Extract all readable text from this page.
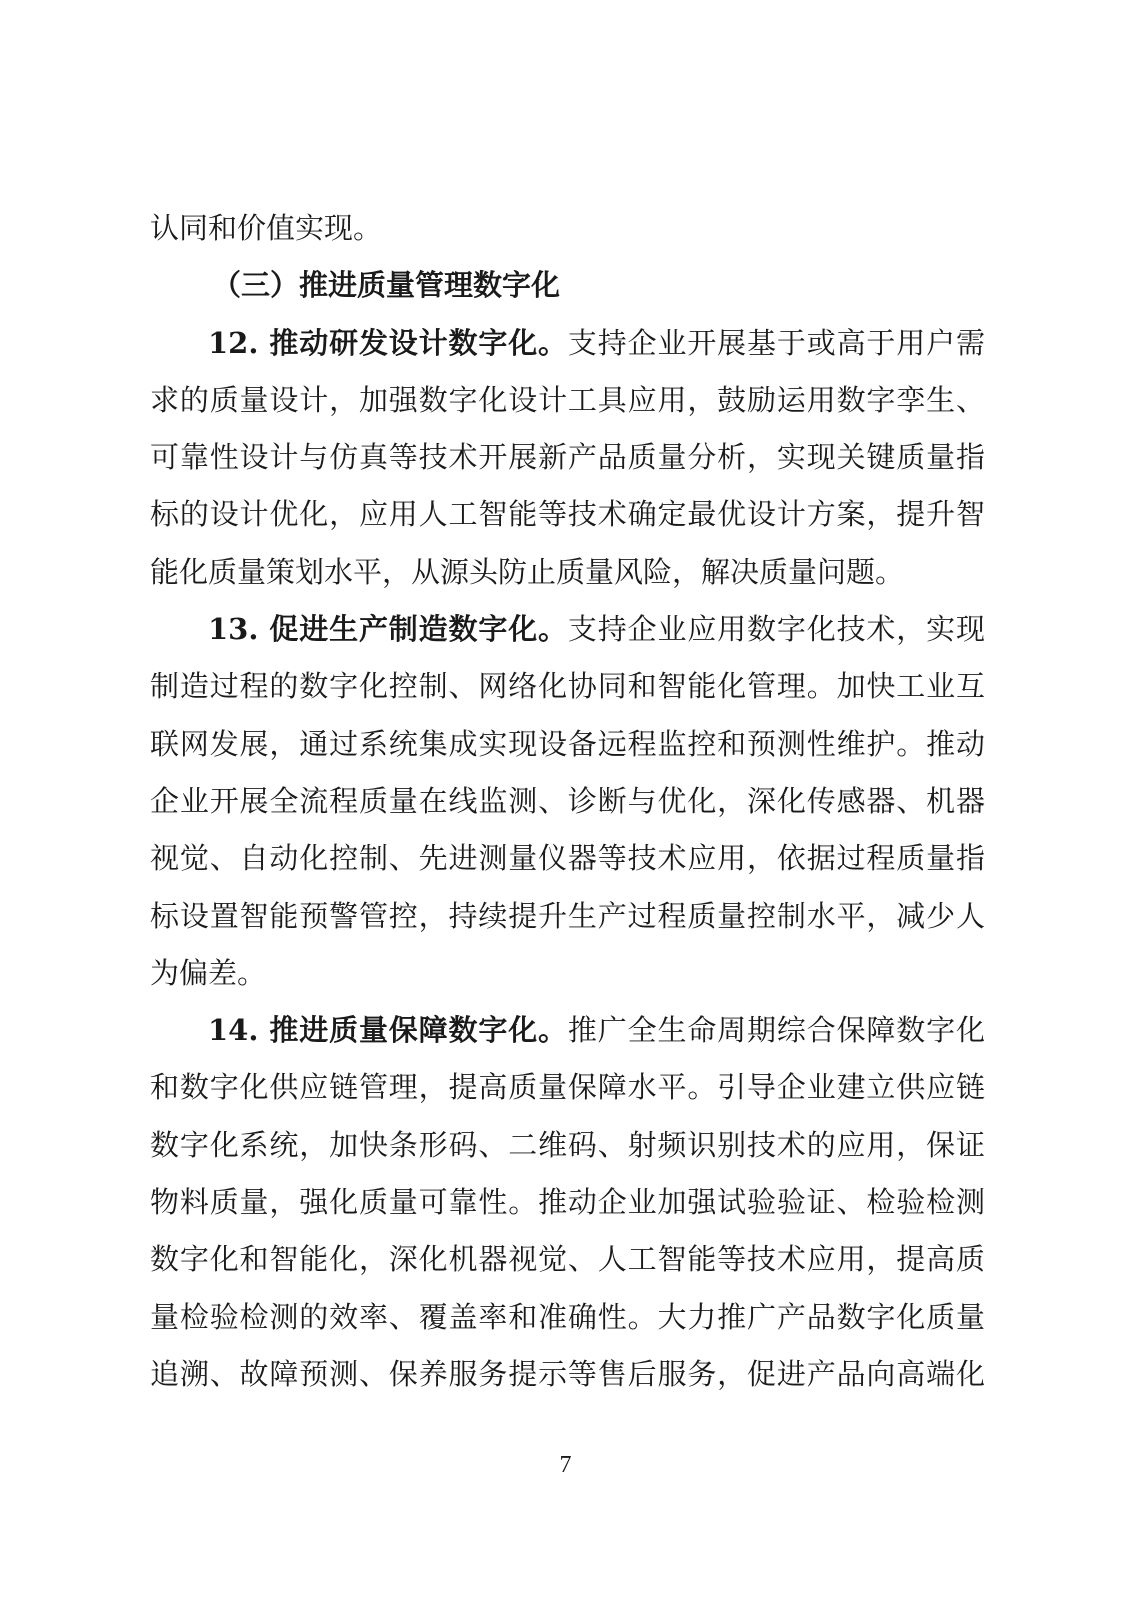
认同和价值实现。
（三）推进质量管理数字化
12. 推动研发设计数字化。支持企业开展基于或高于用户需
求的质量设计，加强数字化设计工具应用，鼓励运用数字孪生、
可靠性设计与仿真等技术开展新产品质量分析，实现关键质量指
标的设计优化，应用人工智能等技术确定最优设计方案，提升智
能化质量策划水平，从源头防止质量风险，解决质量问题。
13. 促进生产制造数字化。支持企业应用数字化技术，实现
制造过程的数字化控制、网络化协同和智能化管理。加快工业互
联网发展，通过系统集成实现设备远程监控和预测性维护。推动
企业开展全流程质量在线监测、诊断与优化，深化传感器、机器
视觉、自动化控制、先进测量仪器等技术应用，依据过程质量指
标设置智能预警管控，持续提升生产过程质量控制水平，减少人
为偏差。
14. 推进质量保障数字化。推广全生命周期综合保障数字化
和数字化供应链管理，提高质量保障水平。引导企业建立供应链
数字化系统，加快条形码、二维码、射频识别技术的应用，保证
物料质量，强化质量可靠性。推动企业加强试验验证、检验检测
数字化和智能化，深化机器视觉、人工智能等技术应用，提高质
量检验检测的效率、覆盖率和准确性。大力推广产品数字化质量
追溯、故障预测、保养服务提示等售后服务，促进产品向高端化
7
